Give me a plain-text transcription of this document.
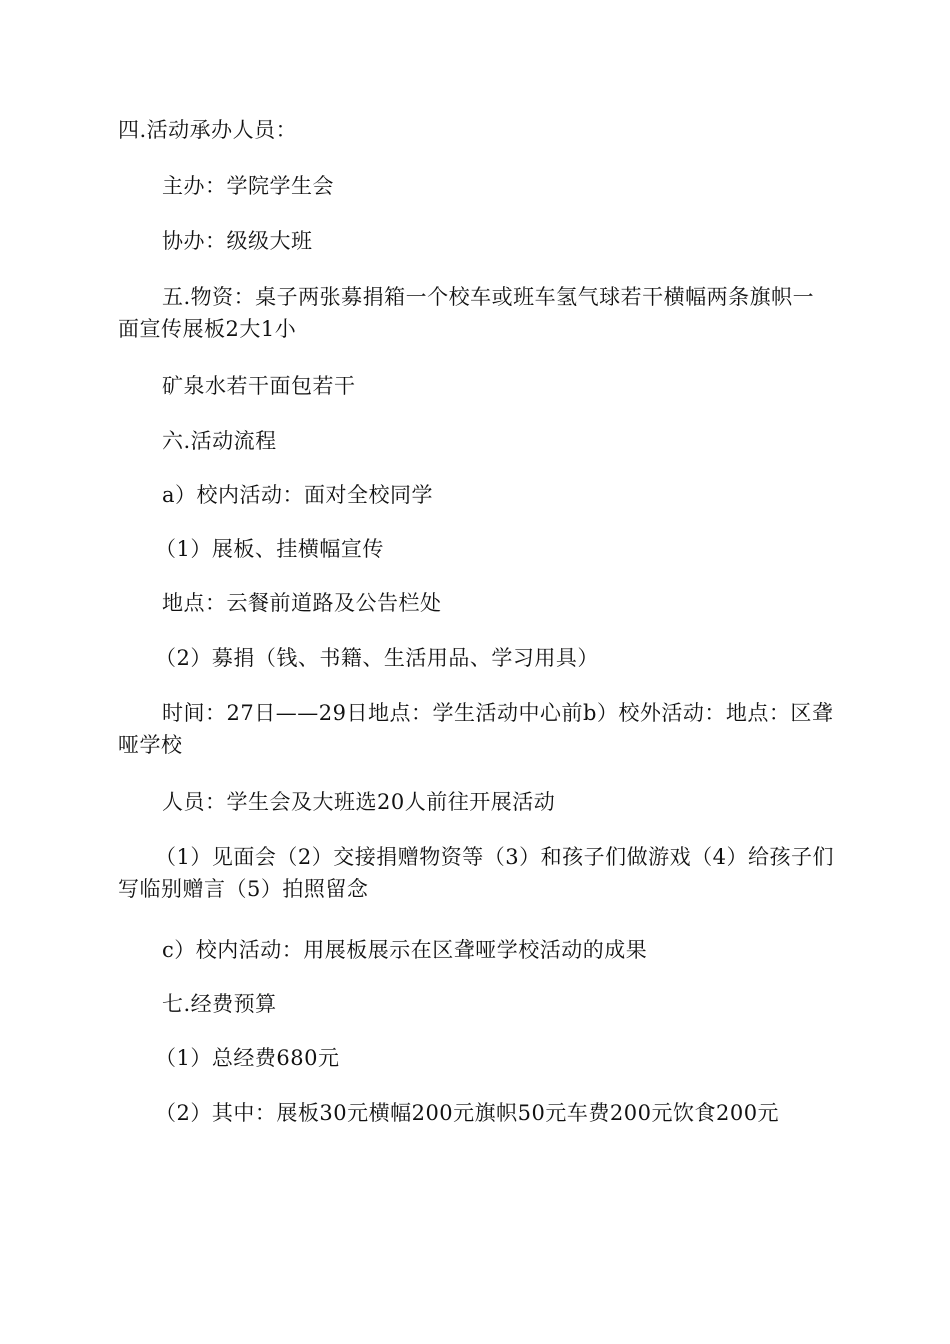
四.活动承办人员：

主办：学院学生会

协办：级级大班

五.物资：桌子两张募捐箱一个校车或班车氢气球若干横幅两条旗帜一面宣传展板2大1小

矿泉水若干面包若干

六.活动流程

a）校内活动：面对全校同学

（1）展板、挂横幅宣传

地点：云餐前道路及公告栏处

（2）募捐（钱、书籍、生活用品、学习用具）

时间：27日——29日地点：学生活动中心前b）校外活动：地点：区聋哑学校

人员：学生会及大班选20人前往开展活动

（1）见面会（2）交接捐赠物资等（3）和孩子们做游戏（4）给孩子们写临别赠言（5）拍照留念

c）校内活动：用展板展示在区聋哑学校活动的成果

七.经费预算

（1）总经费680元

（2）其中：展板30元横幅200元旗帜50元车费200元饮食200元
